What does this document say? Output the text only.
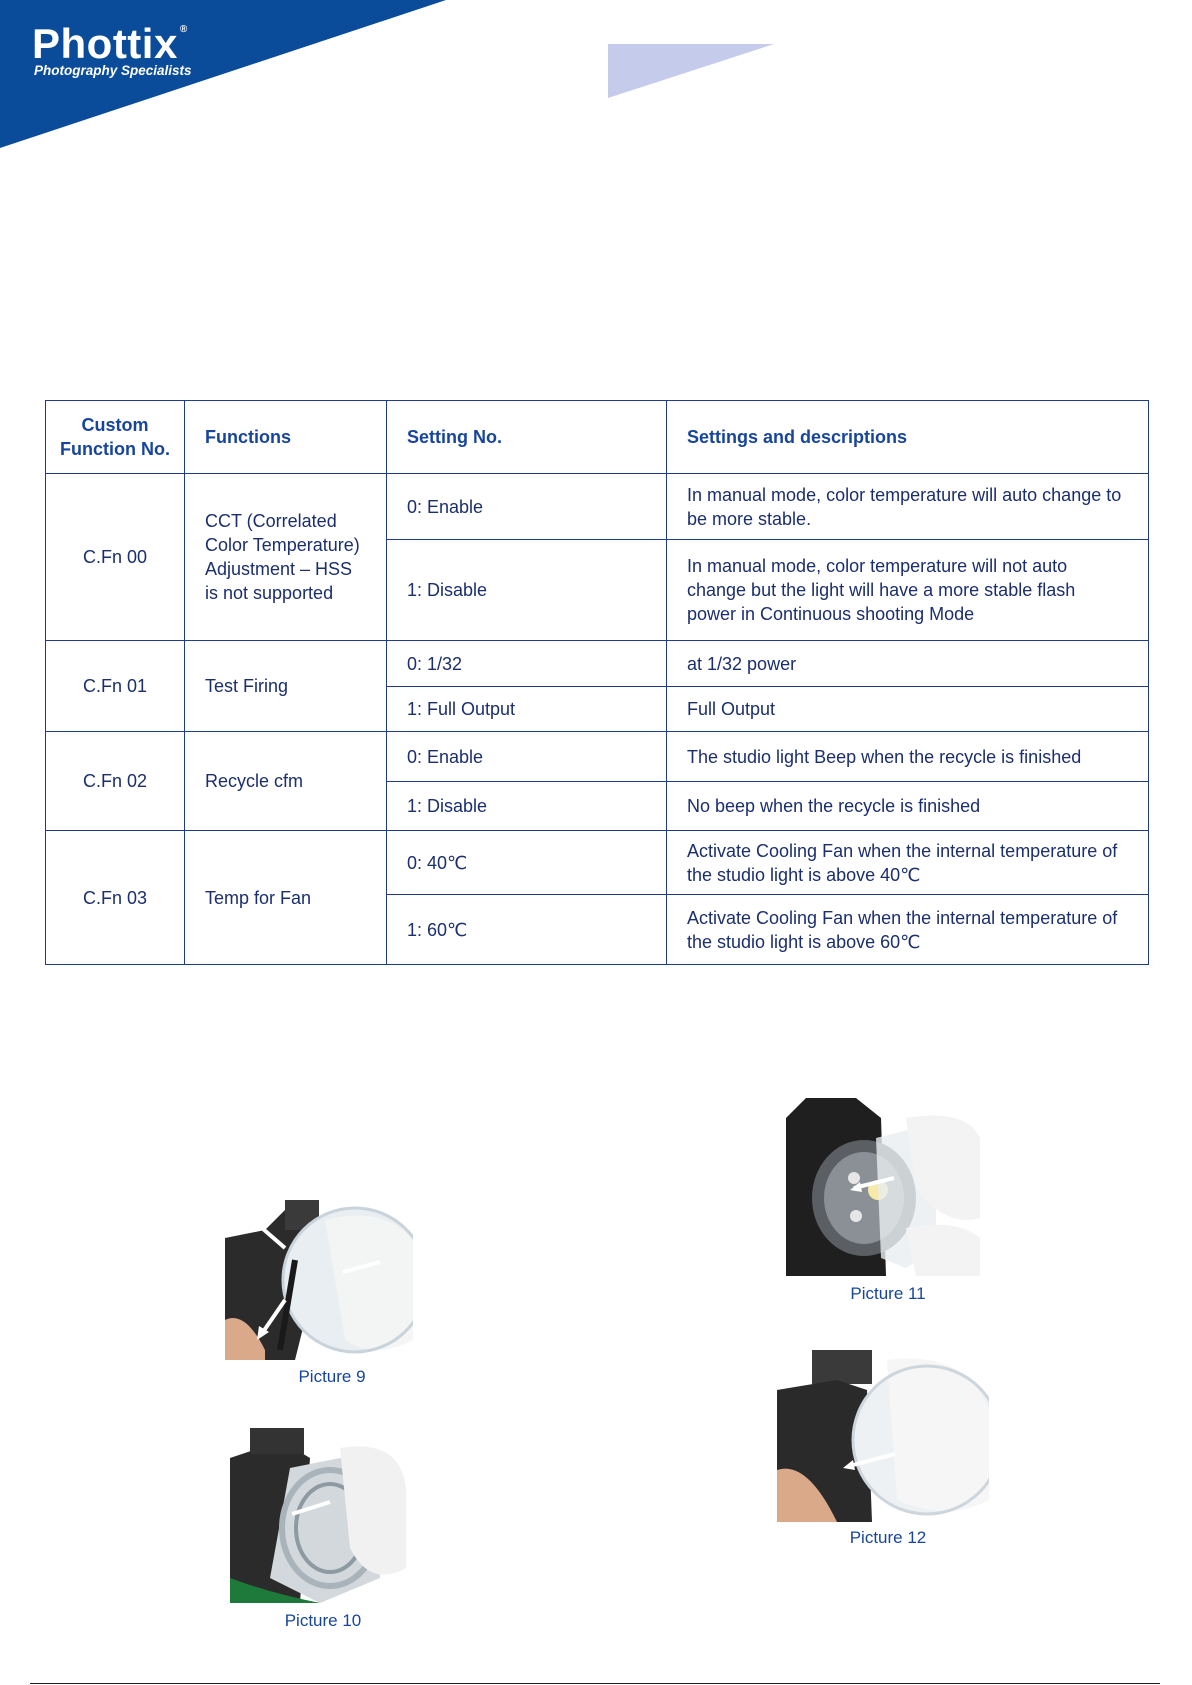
Phottix ®
Photography Specialists
Custom Function No.	Functions	Setting No.	Settings and descriptions
C.Fn 00	CCT (Correlated Color Temperature) Adjustment – HSS is not supported	0: Enable	In manual mode, color temperature will auto change to be more stable.
		1: Disable	In manual mode, color temperature will not auto change but the light will have a more stable flash power in Continuous shooting Mode
C.Fn 01	Test Firing	0: 1/32	at 1/32 power
		1: Full Output	Full Output
C.Fn 02	Recycle cfm	0: Enable	The studio light Beep when the recycle is finished
		1: Disable	No beep when the recycle is finished
C.Fn 03	Temp for Fan	0: 40℃	Activate Cooling Fan when the internal temperature of the studio light is above 40℃
		1: 60℃	Activate Cooling Fan when the internal temperature of the studio light is above 60℃
Picture 9
Picture 10
Picture 11
Picture 12
